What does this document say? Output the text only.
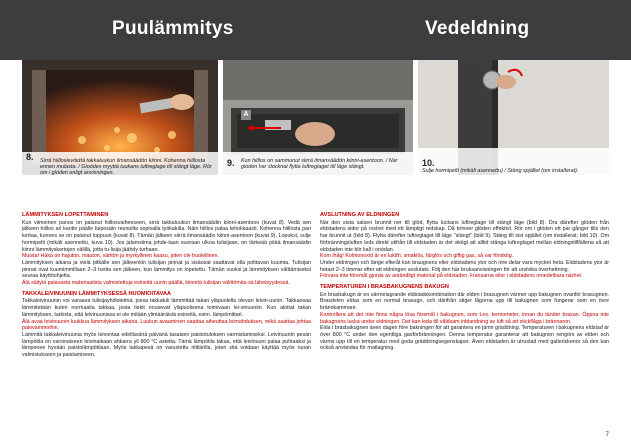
Puulämmitys	Vedeldning
8. Sirrä hiilloslevitettä takkaluukun ilmansäädön kiinni. Kohenna hiillosta ennen mulasta. / Gloödes myyttä luukans luftreglage till stängt läge. Rör om i glöden enligt anvisningen.
A
9. Kun hiillos on sammunut siirrä ilmansäädön kiinni-asentoon. / När gloden har slocknat flytta luftreglaget till läge stängt.	10.
Sulje hormipelti (mikäli asennettu) / Stäng spjället (om installerat).
LÄMMITYKSEN LOPETTAMINEN

Kun viimeinen panos on palanut hiillosvaiheeseen, sirrä takkaluukun ilmansäädin kiinni-asentoon (kuvat 8). Vedä sen jälkeen hiillos ari kantin päälle tuiposäin reunoilta sopivalla työkalulla. Näin hiillos palaa tehokkaasti. Kohenna hiillosta pari kertaa, kunnes se on palanut loppuun (kuvat 8). Tämän jälkeen siirrä ilmansäädin kiinni-asentoon (kuvat 9). Lopuksi, sulje hormipelti (mikäli asennettu, kuva 10). Jos jalamsiima johde-taan suoraan ulkoa tulisijaan, on tärkeää pitää ilmansäädin kiinni lämmityskertojen välillä, jotta tu-lisija jäähdy turhaan.

Muista! Häkä on hajuton, mauton, väritön ja myrkyllinen kaasu, joten ole huolellinen.

Lämmityksen aikana ja vielä pitkälle sen jälkeenkin tulisijan pinnat ja sisäosat saattavat olla polttavan kuumia. Tulisijan pinnat ovat kuumimmillaan 2–3 tuntia sen jälkeen, kun lämmitys on lopetettu. Tämän vuoksi ja lämmityksen välttämiseksi seuraa käyttöohjetta.

Älä säilytä palavasta materiaalista valmistettuja esineitä uunin päällä, kiinnitä tulisijan välittömäs-sä läheisyydessä.

TAKKALEIVINUUNIN LÄMMITYKSESSÄ HUOMIOITAVAA

Takkaleivinuunin voi varaava tulisijayhdistelmä, jossa takkatuli lämmittää takan yläpuolella olevan leivin-uunin. Takkaosaa lämmitetään kuten normaalia takkaa, josta liekit nousevat yläpuolisena toimivaan lei-vinuuniin. Kun aloitat takan lämmityksen, tarkista, että leivinuunissa ei ole mitään ylimääräisiä esineitä, esim. lämpömittari.

Älä avaa leivinuunin luukkua lämmityksen aikana. Luukun avaaminen saattaa aiheuttaa leimahduksen, mikä saattaa johtaa palovammoihin.

Lämmitä takkaleivinuunia myös leivontaa edeltävänä päivänä tasaisen paistotuloksen varmistamiseksi. Leivinuunin pesän lämpötila on varsinaiseen leivinaikaan ahkarra yli 800 °C astetta. Tämä lämpötila takaa, että leivinuuni palaa puhtaaksi ja lämpenee hyvään paistolämpötilaan. Myös takkapesä on varustettu riitilärilla, joten sitä voidaan käyttää myös ruoan valmistukseen ja paistamiseen.

AVSLUTNING AV ELDNINGEN

När den sista satsen brunnit ner till glöd, flytta luckans luftreglage till stängt läge (bild 8). Dra därefter glöden från eldstadens sidor på rostret med ett lämpligt redskap. Då brinner glöden effektivt. Rör om i glöden ett par gånger tills den har brunnit ut (bild 8). Flytta därefter luftreglaget till läge "stängt" (bild 9). Stäng till sist spjället (om installerat; bild 10). Om förbränningsluften leds direkt utifrån till eldstaden är det viktigt att alltid stänga luftreglaget mellan eldningstillfällena så att eldstaden inte blir kall i onödan.

Kom ihåg! Kolmonoxid är en luktfri, smaklös, färglös och giftig gas, så var försiktig.

Under eldningen och länge efteråt kan braugnens eller eldstadens ytor och inre delar vara mycket heta. Eldstadens ytor är hetast 2–3 timmar efter att eldningen avslutats. Följ den här bruksanvisningen för att undvika överhettning.

Förvara inte föremål gjorda av antändligt material på eldstaden, kransarna eller i eldstadens omedelbara närhet.

TEMPERATUREN I BRASBAKUGNENS BAKUGN

En brasbakugn är en värmelagrande eldstadskombination där elden i brasugnen värmer upp bakugnen ovanför brasugnen. Brasdelen eldas som en normal brasugn, och därifrån stiger lågorna upp till bakugnen som fungerar som en övre brännkammare.

Kontrollera att det inte finns några lösa föremål i bakugnen, som t.ex. termometer, innan du tänder brasan. Öppna inte bakugnens lucka under eldningen. Det kan leda till våldsam inblandning av luft så att stickflåga i brännaren.

Elda i brasbakugnen även dagen före bakningen för att garantera en jämn gräddning. Temperaturen i bakugnens eldstad är över 800 °C under den egentliga gasförbränningen. Denna temperatur garanterar att bakugnen rengörs av elden och värms upp till en temperatur med goda gräddningsegenskaper. Även eldstaden är utrustad med galleriskenor så den kan också användas för matlagning.

7
